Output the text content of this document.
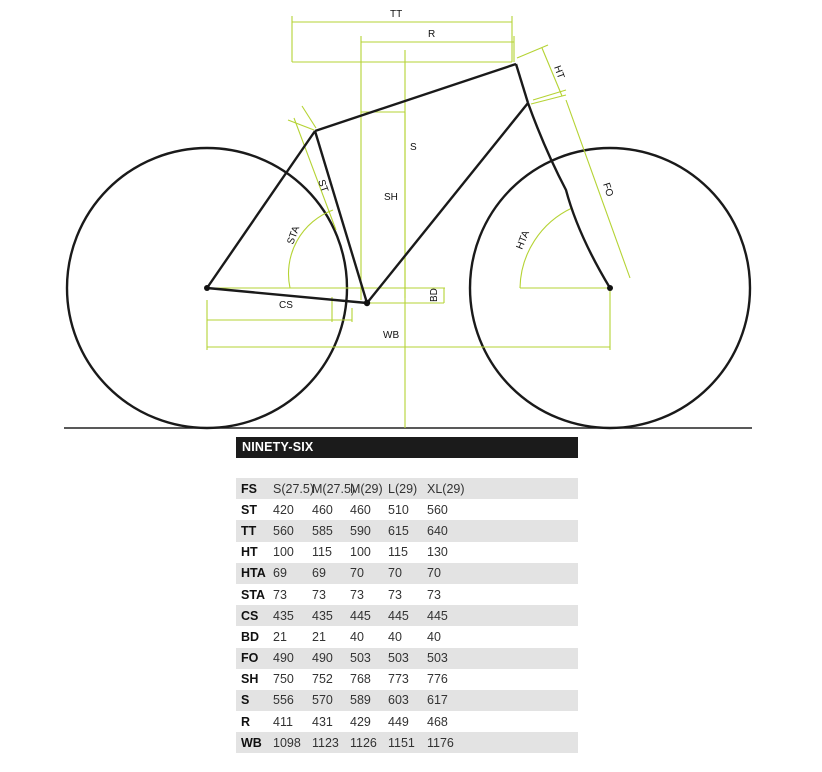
TT
R
HT
S
ST
SH
STA	HTA
FO
CS
BD
WB
NINETY-SIX
FS	S(27.5)	M(27.5)	M(29)	L(29)	XL(29)
ST	420	460	460	510	560
TT	560	585	590	615	640
HT	100	115	100	115	130
HTA	69	69	70	70	70
STA	73	73	73	73	73
CS	435	435	445	445	445
BD	21	21	40	40	40
FO	490	490	503	503	503
SH	750	752	768	773	776
S	556	570	589	603	617
R	411	431	429	449	468
WB	1098	1123	1126	1151	1176
